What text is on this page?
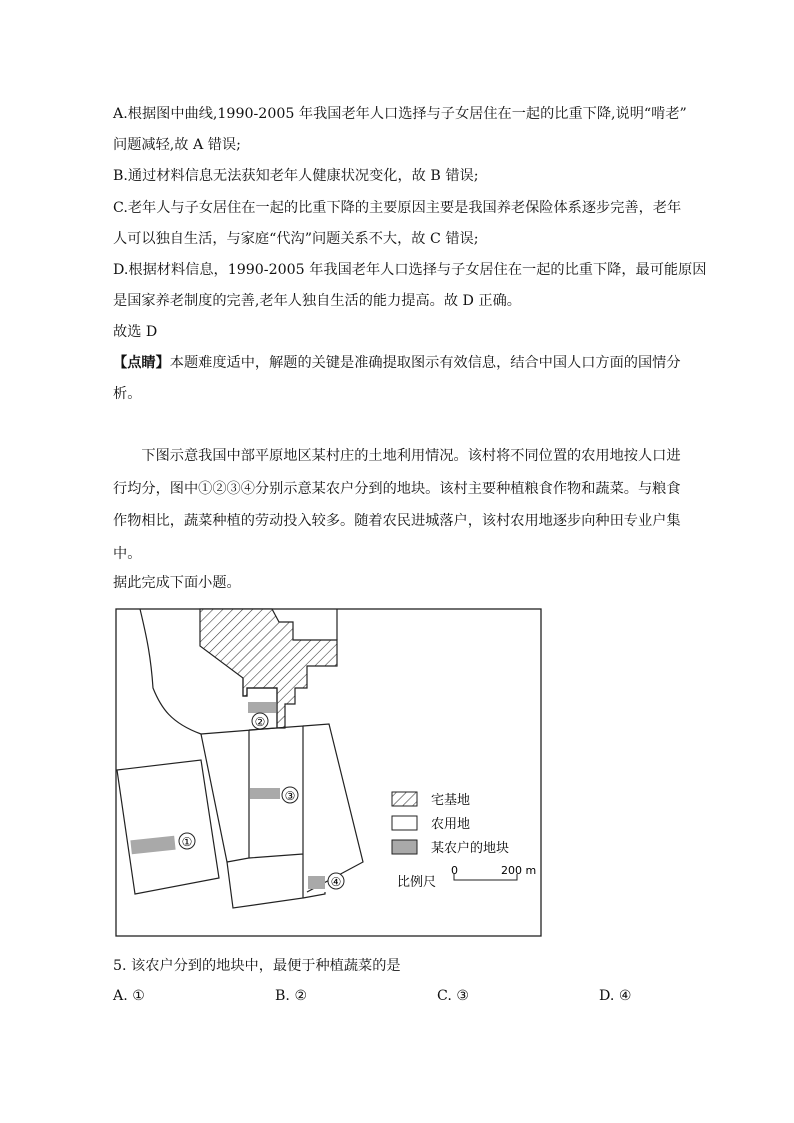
A.根据图中曲线,1990-2005 年我国老年人口选择与子女居住在一起的比重下降,说明“啃老”
问题减轻,故 A 错误;
B.通过材料信息无法获知老年人健康状况变化，故 B 错误;
C.老年人与子女居住在一起的比重下降的主要原因主要是我国养老保险体系逐步完善，老年
人可以独自生活，与家庭“代沟”问题关系不大，故 C 错误;
D.根据材料信息，1990-2005 年我国老年人口选择与子女居住在一起的比重下降，最可能原因
是国家养老制度的完善,老年人独自生活的能力提高。故 D 正确。
故选 D
【点睛】本题难度适中，解题的关键是准确提取图示有效信息，结合中国人口方面的国情分
析。
下图示意我国中部平原地区某村庄的土地利用情况。该村将不同位置的农用地按人口进行均分，图中①②③④分别示意某农户分到的地块。该村主要种植粮食作物和蔬菜。与粮食作物相比，蔬菜种植的劳动投入较多。随着农民进城落户，该村农用地逐步向种田专业户集中。
据此完成下面小题。
①
②
③
④
宅基地
农用地
某农户的地块
比例尺
0	200 m
5. 该农户分到的地块中，最便于种植蔬菜的是
A. ①	B. ②	C. ③	D. ④
